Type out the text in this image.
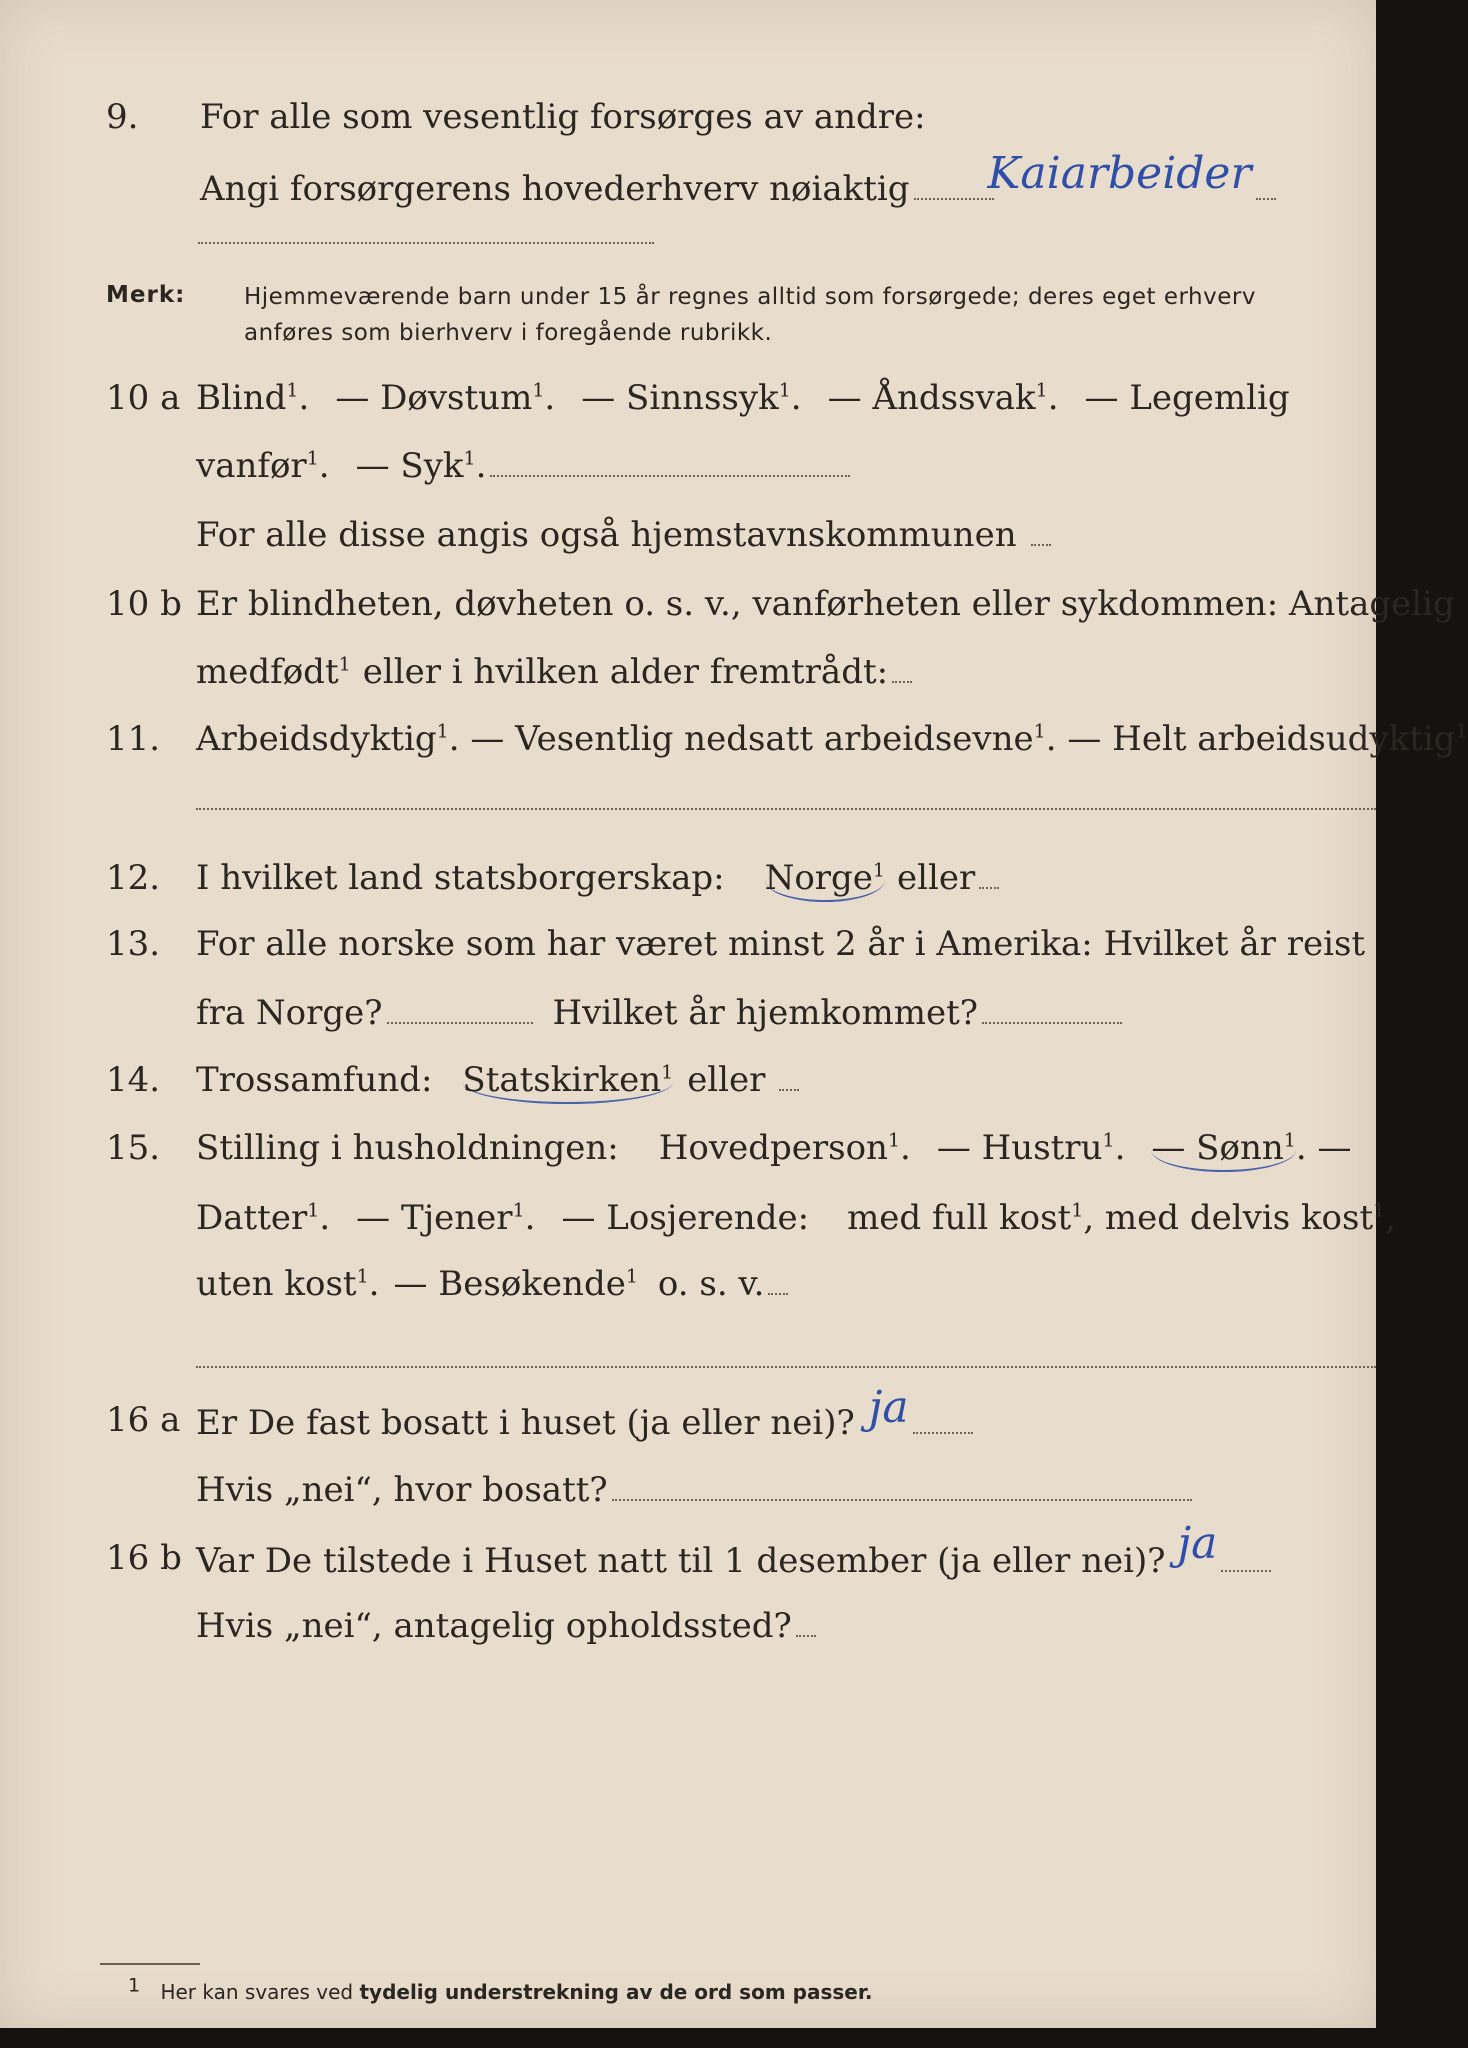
9. For alle som vesentlig forsørges av andre:
Angi forsørgerens hovederhverv nøiaktig Kaiarbeider
Merk:	Hjemmeværende barn under 15 år regnes alltid som forsørgede; deres eget erhverv
anføres som bierhverv i foregående rubrikk.
10 a Blind$^1$. — Døvstum$^1$. — Sinnssyk$^1$. — Åndssvak$^1$. — Legemlig
vanfør$^1$. — Syk$^1$.
For alle disse angis også hjemstavnskommunen
10 b Er blindheten, døvheten o. s. v., vanførheten eller sykdommen: Antagelig
medfødt$^1$ eller i hvilken alder fremtrådt:
11. Arbeidsdyktig$^1$ . — Vesentlig nedsatt arbeidsevne$^1$ . — Helt arbeidsudyktig$^1$
12. I hvilket land statsborgerskap: Norge$^1$ eller
13. For alle norske som har været minst 2 år i Amerika: Hvilket år reist
fra Norge?	Hvilket år hjemkommet?
14. Trossamfund: Statskirken$^1$ eller
15. Stilling i husholdningen: Hovedperson$^1$. — Hustru$^1$. — Sønn$^1$. —
Datter$^1$. — Tjener$^1$. — Losjerende: med full kost$^1$ , med delvis kost$^1$,
uten kost$^1$. — Besøkende$^1$ o. s. v.
16 a Er De fast bosatt i huset (ja eller nei)? ja
Hvis „nei“, hvor bosatt?
16 b Var De tilstede i Huset natt til 1 desember (ja eller nei)? ja
Hvis „nei“, antagelig opholdssted?
$^1$ Her kan svares ved tydelig understrekning av de ord som passer.
